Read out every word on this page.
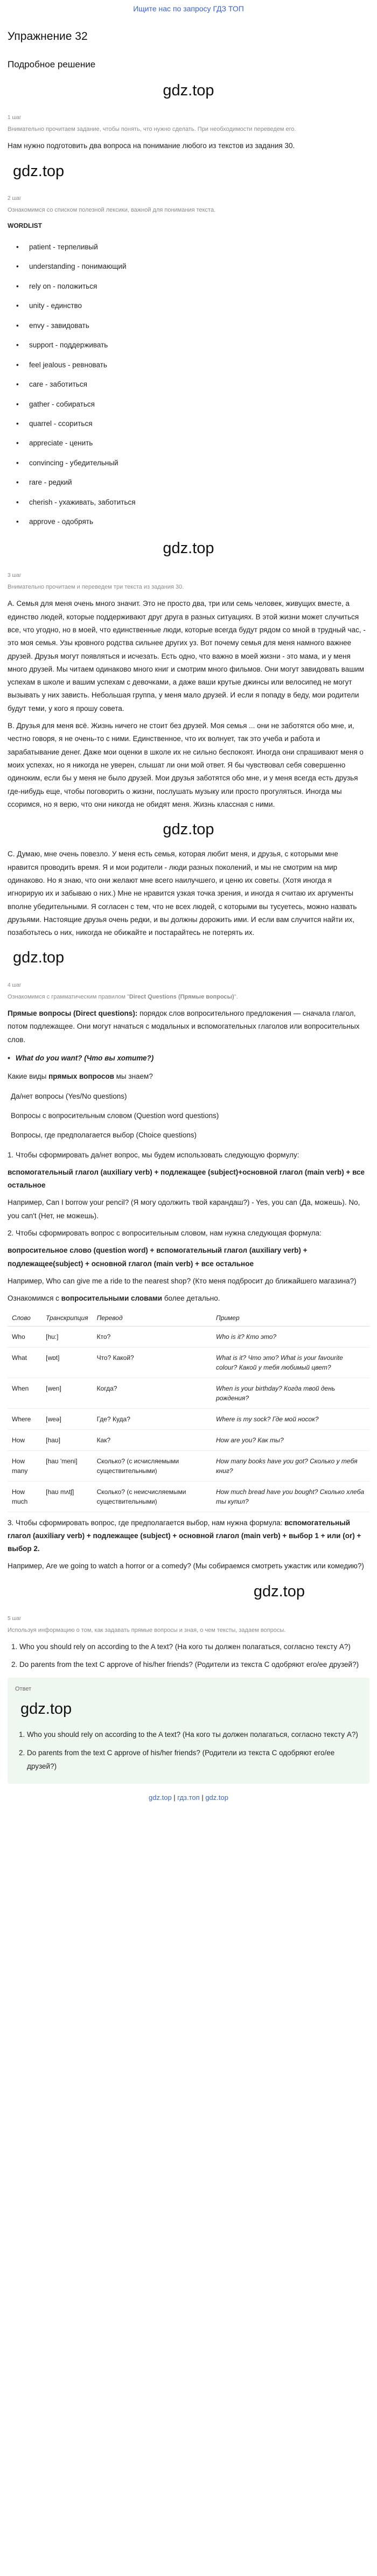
Ищите нас по запросу ГДЗ ТОП
Упражнение 32
Подробное решение
gdz.top
1 шаг
Внимательно прочитаем задание, чтобы понять, что нужно сделать. При необходимости переведем его.

Нам нужно подготовить два вопроса на понимание любого из текстов из задания 30.

gdz.top
2 шаг
Ознакомимся со списком полезной лексики, важной для понимания текста.
WORDLIST
• patient - терпеливый
• understanding - понимающий
• rely on - положиться
• unity - единство
• envy - завидовать
• support - поддерживать
• feel jealous - ревновать
• care - заботиться
• gather - собираться
• quarrel - ссориться
• appreciate - ценить
• convincing - убедительный
• rare - редкий
• cherish - ухаживать, заботиться
• approve - одобрять
gdz.top
3 шаг
Внимательно прочитаем и переведем три текста из задания 30.

А. Семья для меня очень много значит. Это не просто два, три или семь человек, живущих вместе, а единство людей, которые поддерживают друг друга в разных ситуациях. В этой жизни может случиться все, что угодно, но в моей, что единственные люди, которые всегда будут рядом со мной в трудный час, - это моя семья. Узы кровного родства сильнее других уз. Вот почему семья для меня намного важнее друзей. Друзья могут появляться и исчезать. Есть одно, что важно в моей жизни - это мама, и у меня много друзей. Мы читаем одинаково много книг и смотрим много фильмов. Они могут завидовать вашим успехам в школе и вашим успехам с девочками, а даже ваши крутые джинсы или велосипед не могут вызывать у них зависть. Небольшая группа, у меня мало друзей. И если я попаду в беду, мои родители будут теми, у кого я прошу совета.

B. Друзья для меня всё. Жизнь ничего не стоит без друзей. Моя семья ... они не заботятся обо мне, и, честно говоря, я не очень-то с ними. Единственное, что их волнует, так это учеба и работа и зарабатывание денег. Даже мои оценки в школе их не сильно беспокоят. Иногда они спрашивают меня о моих успехах, но я никогда не уверен, слышат ли они мой ответ. Я бы чувствовал себя совершенно одиноким, если бы у меня не было друзей. Мои друзья заботятся обо мне, и у меня всегда есть друзья где-нибудь еще, чтобы поговорить о жизни, послушать музыку или просто прогуляться. Иногда мы ссоримся, но я верю, что они никогда не обидят меня. Жизнь классная с ними.

gdz.top

С. Думаю, мне очень повезло. У меня есть семья, которая любит меня, и друзья, с которыми мне нравится проводить время. Я и мои родители - люди разных поколений, и мы не смотрим на мир одинаково. Но я знаю, что они желают мне всего наилучшего, и ценю их советы. (Хотя иногда я игнорирую их и забываю о них.) Мне не нравится узкая точка зрения, и иногда я считаю их аргументы вполне убедительными. Я согласен с тем, что не всех людей, с которыми вы тусуетесь, можно назвать друзьями. Настоящие друзья очень редки, и вы должны дорожить ими. И если вам случится найти их, позаботьтесь о них, никогда не обижайте и постарайтесь не потерять их.

gdz.top
4 шаг
Ознакомимся с грамматическим правилом "Direct Questions (Прямые вопросы)".

Прямые вопросы (Direct questions): порядок слов вопросительного предложения — сначала глагол, потом подлежащее. Они могут начаться с модальных и вспомогательных глаголов или вопросительных слов.

• What do you want? (Что вы хотите?)

Какие виды прямых вопросов мы знаем?

Да/нет вопросы (Yes/No questions)
Вопросы с вопросительным словом (Question word questions)
Вопросы, где предполагается выбор (Choice questions)

1. Чтобы сформировать да/нет вопрос, мы будем использовать следующую формулу:

вспомогательный глагол (auxiliary verb) + подлежащее (subject)+основной глагол (main verb) + все остальное

Например, Can I borrow your pencil? (Я могу одолжить твой карандаш?) - Yes, you can (Да, можешь). No, you can't (Нет, не можешь).

2. Чтобы сформировать вопрос с вопросительным словом, нам нужна следующая формула:

вопросительное слово (question word) + вспомогательный глагол (auxiliary verb) + подлежащее(subject) + основной глагол (main verb) + все остальное

Например, Who can give me a ride to the nearest shop? (Кто меня подбросит до ближайшего магазина?)

Ознакомимся с вопросительными словами более детально.

Слово	Транскрипция	Перевод	Пример
Who	[hu:]	Кто?	Who is it? Кто это?
What	[wɒt]	Что? Какой?	What is it? Что это? What is your favourite colour? Какой у тебя любимый цвет?
When	[wen]	Когда?	When is your birthday? Когда твой день рождения?
Where	[weə]	Где? Куда?	Where is my sock? Где мой носок?
How	[haʊ]	Как?	How are you? Как ты?
How many	[haʊ 'meni]	Сколько? (с исчисляемыми существительными)	How many books have you got? Сколько у тебя книг?
How much	[haʊ mʌtʃ]	Сколько? (с неисчисляемыми существительными)	How much bread have you bought? Сколько хлеба ты купил?

3. Чтобы сформировать вопрос, где предполагается выбор, нам нужна формула: вспомогательный глагол (auxiliary verb) + подлежащее (subject) + основной глагол (main verb) + выбор 1 + или (or) + выбор 2.

Например, Are we going to watch a horror or a comedy? (Мы собираемся смотреть ужастик или комедию?)

gdz.top
5 шаг
Используя информацию о том, как задавать прямые вопросы и зная, о чем тексты, задаем вопросы.
1. Who you should rely on according to the A text? (На кого ты должен полагаться, согласно тексту A?)
2. Do parents from the text C approve of his/her friends? (Родители из текста C одобряют его/ее друзей?)
Ответ
gdz.top
1. Who you should rely on according to the A text? (На кого ты должен полагаться, согласно тексту A?)
2. Do parents from the text C approve of his/her friends? (Родители из текста C одобряют его/ее друзей?)
gdz.top | гдз.топ | gdz.top
